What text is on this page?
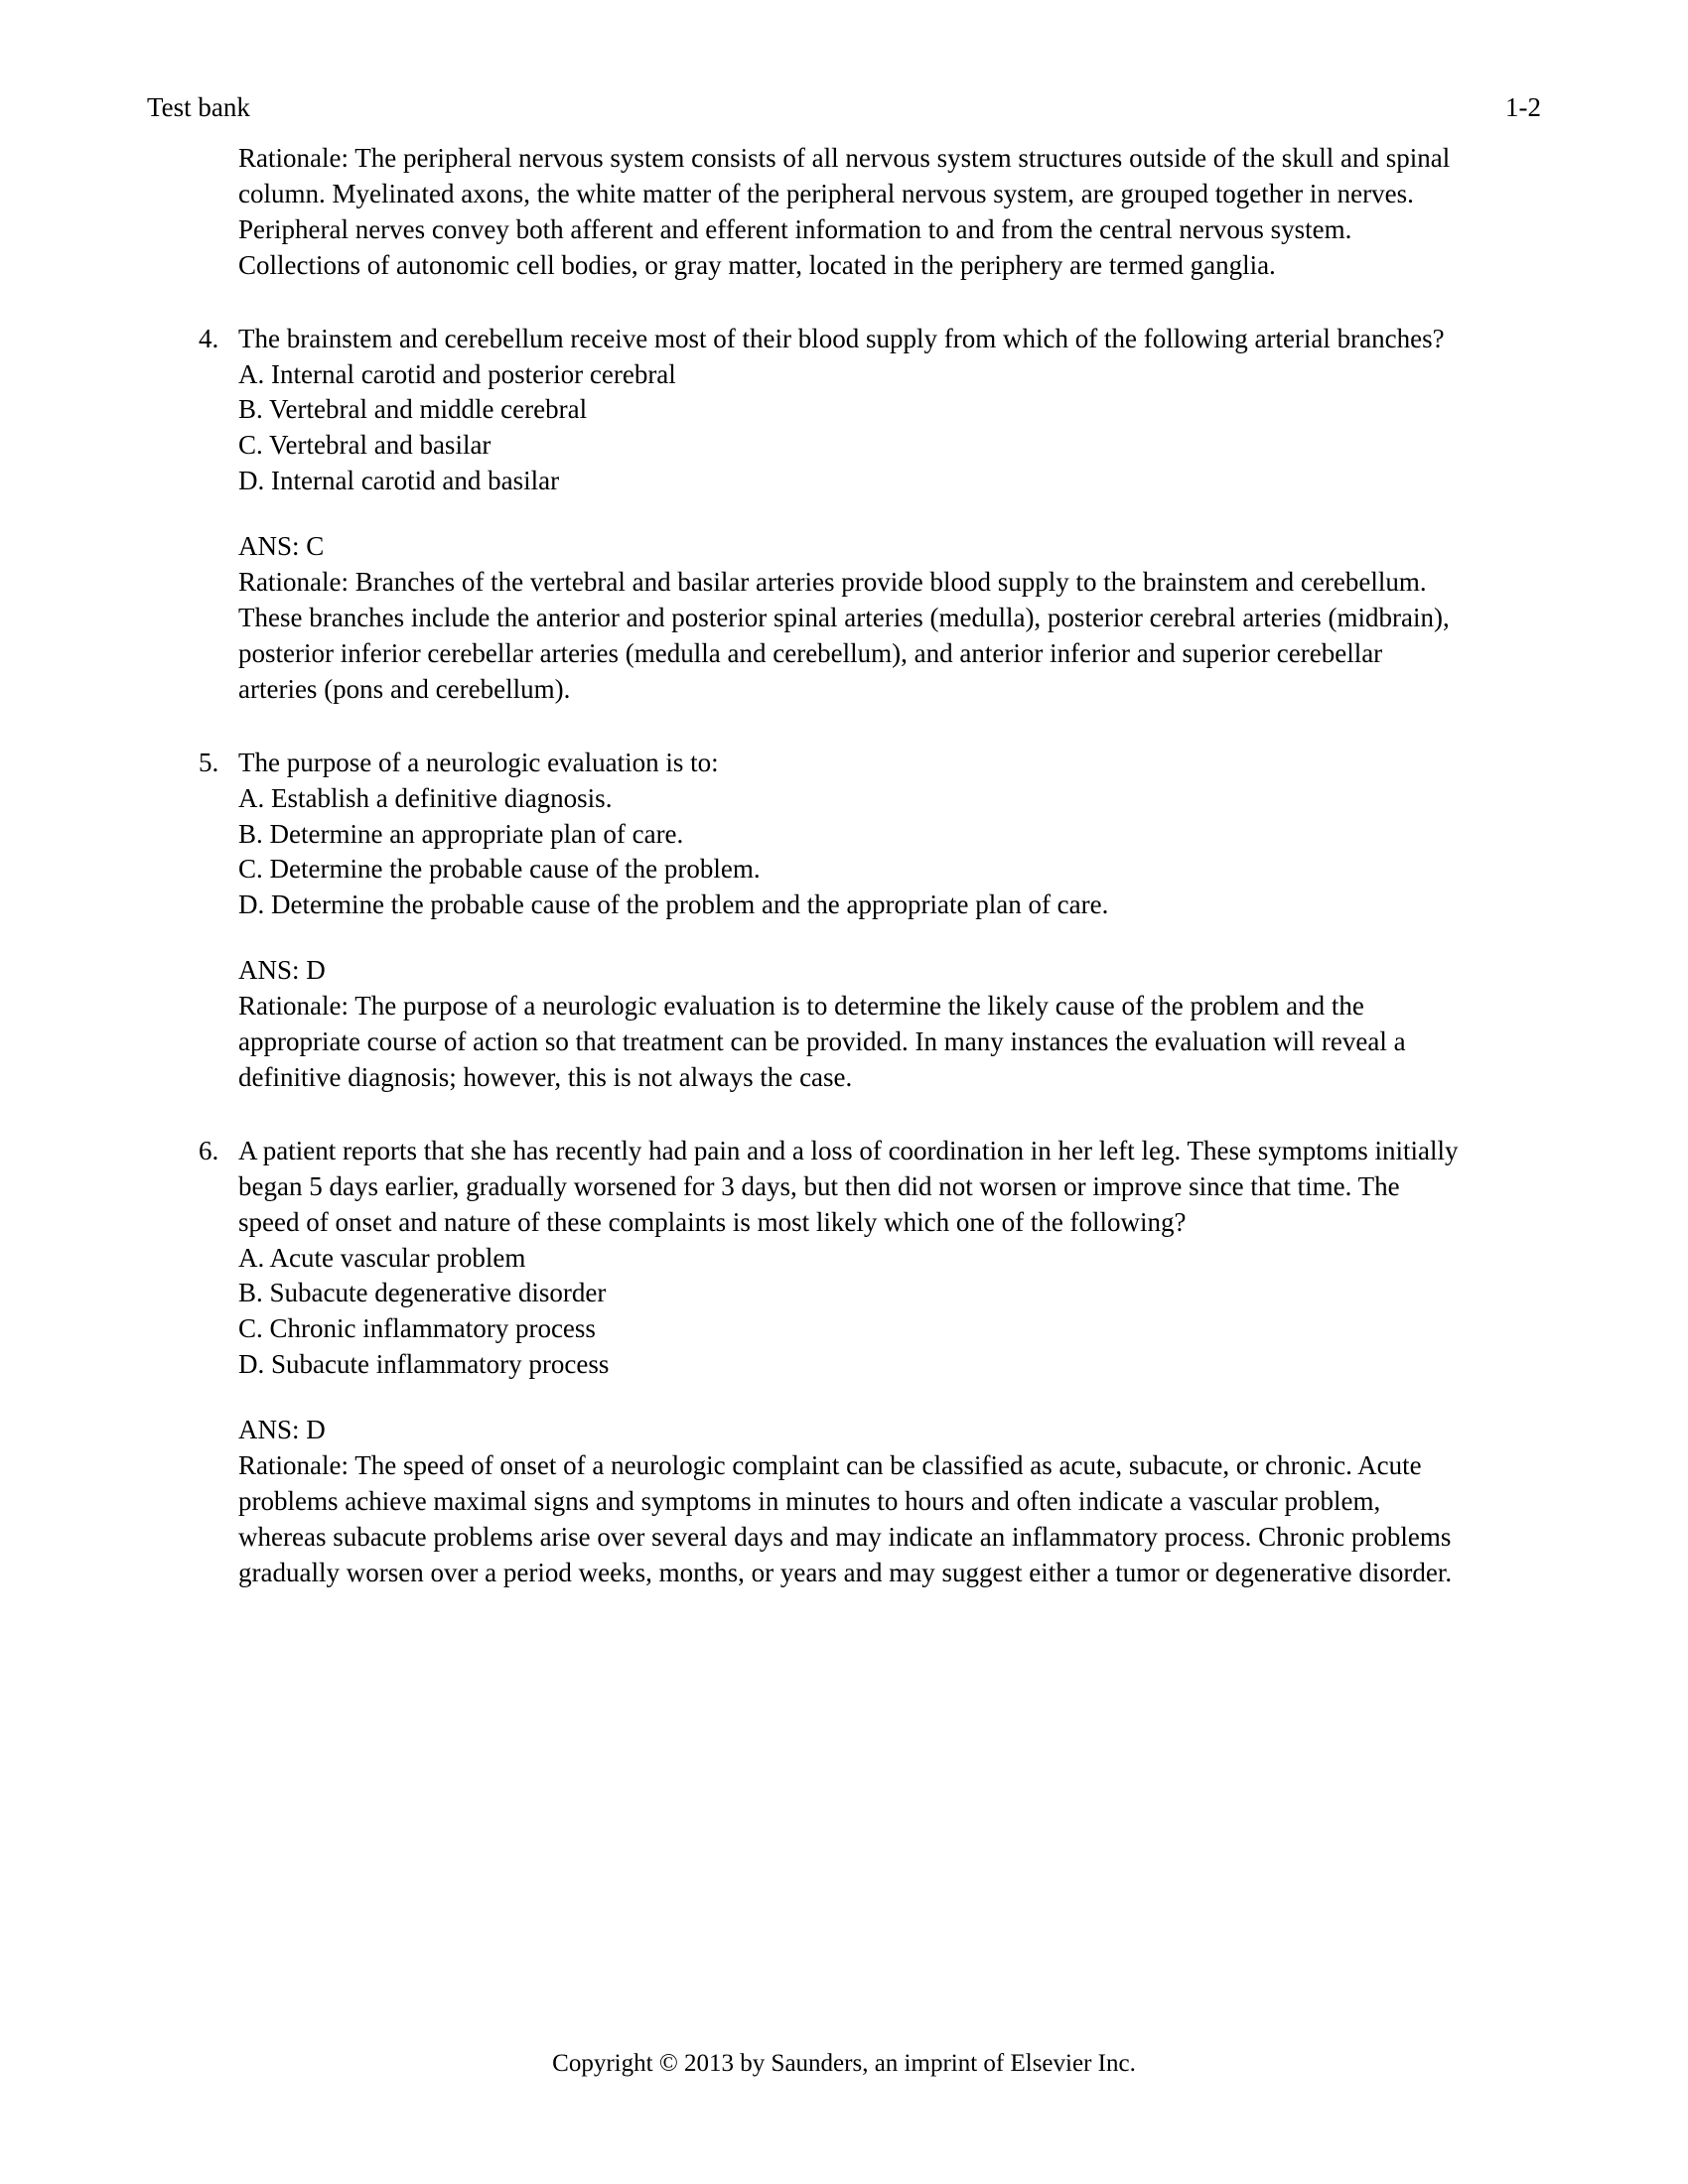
Test bank	1-2

Rationale: The peripheral nervous system consists of all nervous system structures outside of the skull and spinal column. Myelinated axons, the white matter of the peripheral nervous system, are grouped together in nerves. Peripheral nerves convey both afferent and efferent information to and from the central nervous system. Collections of autonomic cell bodies, or gray matter, located in the periphery are termed ganglia.

4. The brainstem and cerebellum receive most of their blood supply from which of the following arterial branches?

A. Internal carotid and posterior cerebral

B. Vertebral and middle cerebral

C. Vertebral and basilar

D. Internal carotid and basilar

ANS: C

Rationale: Branches of the vertebral and basilar arteries provide blood supply to the brainstem and cerebellum. These branches include the anterior and posterior spinal arteries (medulla), posterior cerebral arteries (midbrain), posterior inferior cerebellar arteries (medulla and cerebellum), and anterior inferior and superior cerebellar arteries (pons and cerebellum).

5. The purpose of a neurologic evaluation is to:

A. Establish a definitive diagnosis.

B. Determine an appropriate plan of care.

C. Determine the probable cause of the problem.

D. Determine the probable cause of the problem and the appropriate plan of care.

ANS: D

Rationale: The purpose of a neurologic evaluation is to determine the likely cause of the problem and the appropriate course of action so that treatment can be provided. In many instances the evaluation will reveal a definitive diagnosis; however, this is not always the case.

6. A patient reports that she has recently had pain and a loss of coordination in her left leg. These symptoms initially began 5 days earlier, gradually worsened for 3 days, but then did not worsen or improve since that time. The speed of onset and nature of these complaints is most likely which one of the following?

A. Acute vascular problem

B. Subacute degenerative disorder

C. Chronic inflammatory process

D. Subacute inflammatory process

ANS: D

Rationale: The speed of onset of a neurologic complaint can be classified as acute, subacute, or chronic. Acute problems achieve maximal signs and symptoms in minutes to hours and often indicate a vascular problem, whereas subacute problems arise over several days and may indicate an inflammatory process. Chronic problems gradually worsen over a period weeks, months, or years and may suggest either a tumor or degenerative disorder.

Copyright © 2013 by Saunders, an imprint of Elsevier Inc.
